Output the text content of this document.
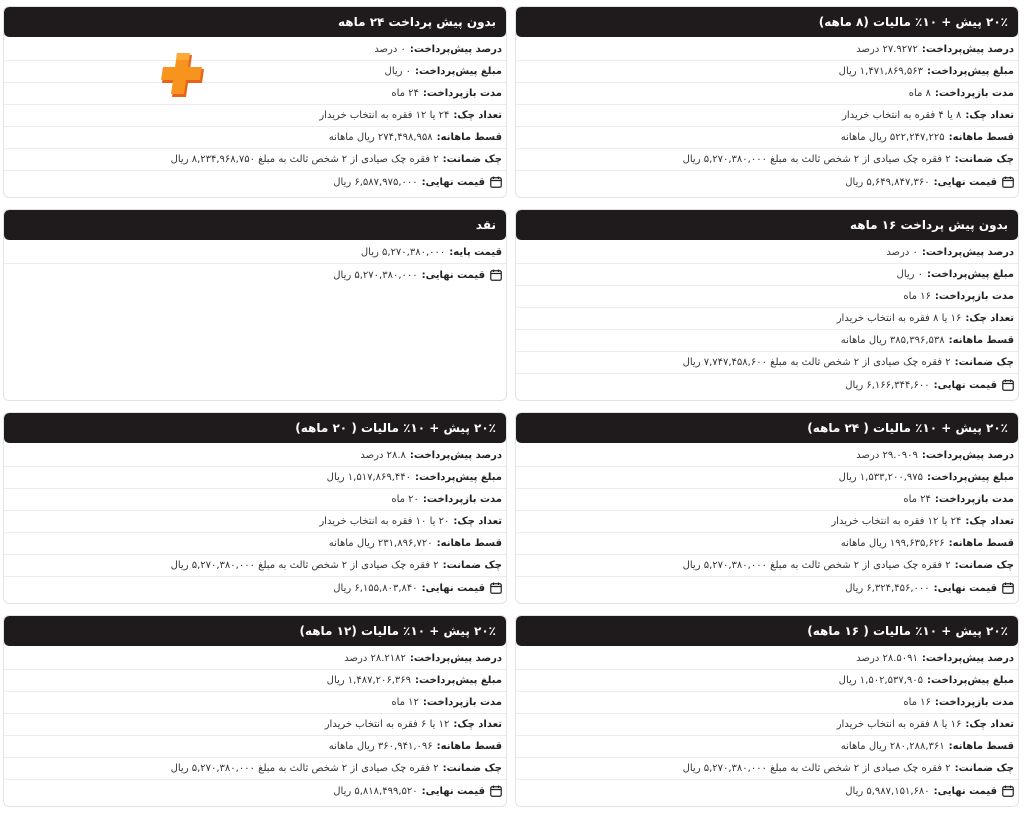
۲۰٪ پیش + ۱۰٪ مالیات (۸ ماهه)
درصد پیش‌پرداخت:
۲۷.۹۲۷۲ درصد
مبلغ پیش‌پرداخت:
۱,۴۷۱,۸۶۹,۵۶۳ ریال
مدت بازپرداخت:
۸ ماه
تعداد چک:
۸ یا ۴ فقره به انتخاب خریدار
قسط ماهانه:
۵۲۲,۲۴۷,۲۲۵ ریال ماهانه
چک ضمانت:
۲ فقره چک صیادی از ۲ شخص ثالث به مبلغ ۵,۲۷۰,۳۸۰,۰۰۰ ریال
قیمت نهایی:
۵,۶۴۹,۸۴۷,۳۶۰ ریال
بدون پیش پرداخت ۲۴ ماهه
درصد پیش‌پرداخت:
۰ درصد
مبلغ پیش‌پرداخت:
۰ ریال
مدت بازپرداخت:
۲۴ ماه
تعداد چک:
۲۴ یا ۱۲ فقره به انتخاب خریدار
قسط ماهانه:
۲۷۴,۴۹۸,۹۵۸ ریال ماهانه
چک ضمانت:
۲ فقره چک صیادی از ۲ شخص ثالث به مبلغ ۸,۲۳۴,۹۶۸,۷۵۰ ریال
قیمت نهایی:
۶,۵۸۷,۹۷۵,۰۰۰ ریال
بدون پیش پرداخت ۱۶ ماهه
درصد پیش‌پرداخت:
۰ درصد
مبلغ پیش‌پرداخت:
۰ ریال
مدت بازپرداخت:
۱۶ ماه
تعداد چک:
۱۶ یا ۸ فقره به انتخاب خریدار
قسط ماهانه:
۳۸۵,۳۹۶,۵۳۸ ریال ماهانه
چک ضمانت:
۲ فقره چک صیادی از ۲ شخص ثالث به مبلغ ۷,۷۴۷,۴۵۸,۶۰۰ ریال
قیمت نهایی:
۶,۱۶۶,۳۴۴,۶۰۰ ریال
نقد
قیمت پایه:
۵,۲۷۰,۳۸۰,۰۰۰ ریال
قیمت نهایی:
۵,۲۷۰,۳۸۰,۰۰۰ ریال
۲۰٪ پیش + ۱۰٪ مالیات ( ۲۴ ماهه)
درصد پیش‌پرداخت:
۲۹.۰۹۰۹ درصد
مبلغ پیش‌پرداخت:
۱,۵۳۳,۲۰۰,۹۷۵ ریال
مدت بازپرداخت:
۲۴ ماه
تعداد چک:
۲۴ یا ۱۲ فقره به انتخاب خریدار
قسط ماهانه:
۱۹۹,۶۳۵,۶۲۶ ریال ماهانه
چک ضمانت:
۲ فقره چک صیادی از ۲ شخص ثالث به مبلغ ۵,۲۷۰,۳۸۰,۰۰۰ ریال
قیمت نهایی:
۶,۳۲۴,۴۵۶,۰۰۰ ریال
۲۰٪ پیش + ۱۰٪ مالیات ( ۲۰ ماهه)
درصد پیش‌پرداخت:
۲۸.۸ درصد
مبلغ پیش‌پرداخت:
۱,۵۱۷,۸۶۹,۴۴۰ ریال
مدت بازپرداخت:
۲۰ ماه
تعداد چک:
۲۰ یا ۱۰ فقره به انتخاب خریدار
قسط ماهانه:
۲۳۱,۸۹۶,۷۲۰ ریال ماهانه
چک ضمانت:
۲ فقره چک صیادی از ۲ شخص ثالث به مبلغ ۵,۲۷۰,۳۸۰,۰۰۰ ریال
قیمت نهایی:
۶,۱۵۵,۸۰۳,۸۴۰ ریال
۲۰٪ پیش + ۱۰٪ مالیات ( ۱۶ ماهه)
درصد پیش‌پرداخت:
۲۸.۵۰۹۱ درصد
مبلغ پیش‌پرداخت:
۱,۵۰۲,۵۳۷,۹۰۵ ریال
مدت بازپرداخت:
۱۶ ماه
تعداد چک:
۱۶ یا ۸ فقره به انتخاب خریدار
قسط ماهانه:
۲۸۰,۲۸۸,۳۶۱ ریال ماهانه
چک ضمانت:
۲ فقره چک صیادی از ۲ شخص ثالث به مبلغ ۵,۲۷۰,۳۸۰,۰۰۰ ریال
قیمت نهایی:
۵,۹۸۷,۱۵۱,۶۸۰ ریال
۲۰٪ پیش + ۱۰٪ مالیات (۱۲ ماهه)
درصد پیش‌پرداخت:
۲۸.۲۱۸۲ درصد
مبلغ پیش‌پرداخت:
۱,۴۸۷,۲۰۶,۳۶۹ ریال
مدت بازپرداخت:
۱۲ ماه
تعداد چک:
۱۲ یا ۶ فقره به انتخاب خریدار
قسط ماهانه:
۳۶۰,۹۴۱,۰۹۶ ریال ماهانه
چک ضمانت:
۲ فقره چک صیادی از ۲ شخص ثالث به مبلغ ۵,۲۷۰,۳۸۰,۰۰۰ ریال
قیمت نهایی:
۵,۸۱۸,۴۹۹,۵۲۰ ریال
